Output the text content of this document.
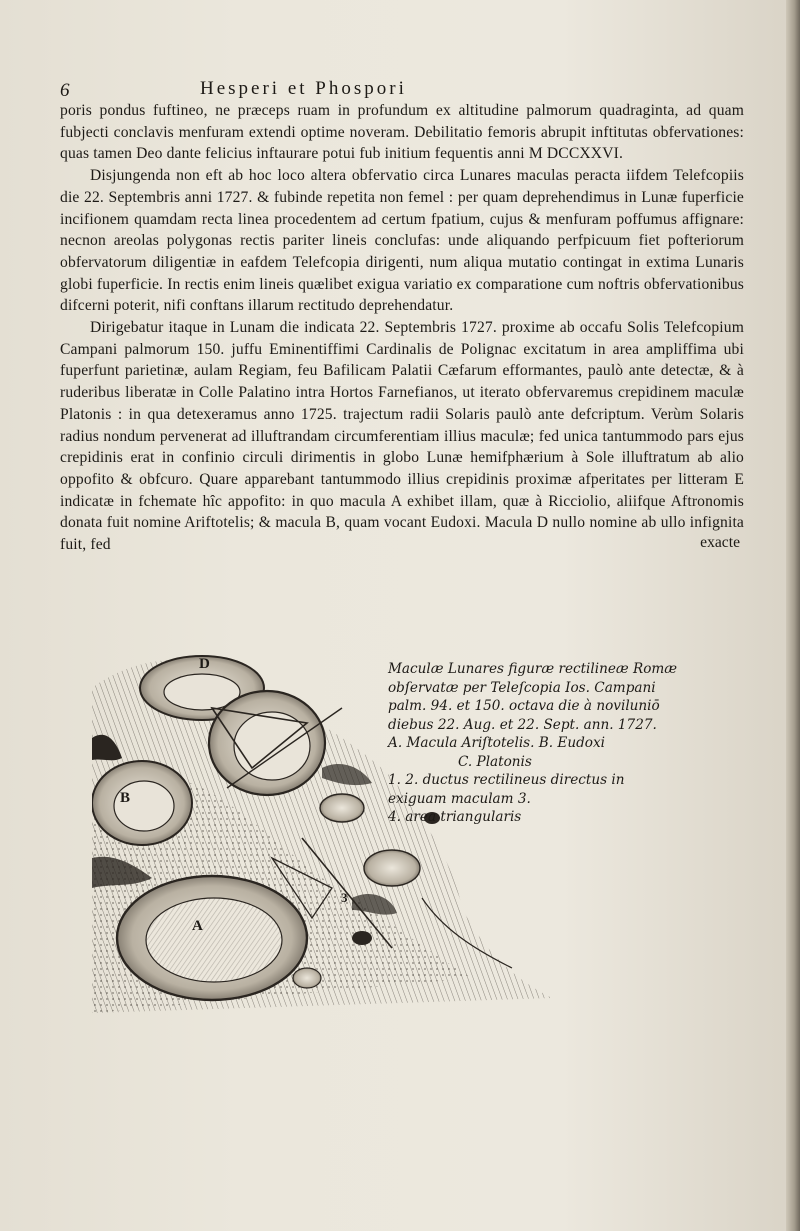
6	Hesperi et Phospori

poris pondus fuftineo, ne præceps ruam in profundum ex altitudine palmorum quadraginta, ad quam fubjecti conclavis menfuram extendi optime noveram. Debilitatio femoris abrupit inftitutas obfervationes: quas tamen Deo dante felicius inftaurare potui fub initium fequentis anni M DCCXXVI.

Disjungenda non eft ab hoc loco altera obfervatio circa Lunares maculas peracta iifdem Telefcopiis die 22. Septembris anni 1727. & fubinde repetita non femel : per quam deprehendimus in Lunæ fuperficie incifionem quamdam recta linea procedentem ad certum fpatium, cujus & menfuram poffumus affignare: necnon areolas polygonas rectis pariter lineis conclufas: unde aliquando perfpicuum fiet pofteriorum obfervatorum diligentiæ in eafdem Telefcopia dirigenti, num aliqua mutatio contingat in extima Lunaris globi fuperficie. In rectis enim lineis quælibet exigua variatio ex comparatione cum noftris obfervationibus difcerni poterit, nifi conftans illarum rectitudo deprehendatur.

Dirigebatur itaque in Lunam die indicata 22. Septembris 1727. proxime ab occafu Solis Telefcopium Campani palmorum 150. juffu Eminentiffimi Cardinalis de Polignac excitatum in area ampliffima ubi fuperfunt parietinæ, aulam Regiam, feu Bafilicam Palatii Cæfarum efformantes, paulò ante detectæ, & à ruderibus liberatæ in Colle Palatino intra Hortos Farnefianos, ut iterato obfervaremus crepidinem maculæ Platonis : in qua detexeramus anno 1725. trajectum radii Solaris paulò ante defcriptum. Verùm Solaris radius nondum pervenerat ad illuftrandam circumferentiam illius maculæ; fed unica tantummodo pars ejus crepidinis erat in confinio circuli dirimentis in globo Lunæ hemifphærium à Sole illuftratum ab alio oppofito & obfcuro. Quare apparebant tantummodo illius crepidinis proximæ afperitates per litteram E indicatæ in fchemate hîc appofito: in quo macula A exhibet illam, quæ à Ricciolio, aliifque Aftronomis donata fuit nomine Ariftotelis; & macula B, quam vocant Eudoxi. Macula D nullo nomine ab ullo infignita fuit, fed	exacte
D
B
A
3
Maculæ Lunares figuræ rectilineæ Romæ
obſervatæ per Teleſcopia Ios. Campani
palm. 94. et 150. octava die à noviluniō
diebus 22. Aug. et 22. Sept. ann. 1727.
A. Macula Ariſtotelis. B. Eudoxi
C. Platonis
1. 2. ductus rectilineus directus in
exiguam maculam 3.
4. area triangularis
